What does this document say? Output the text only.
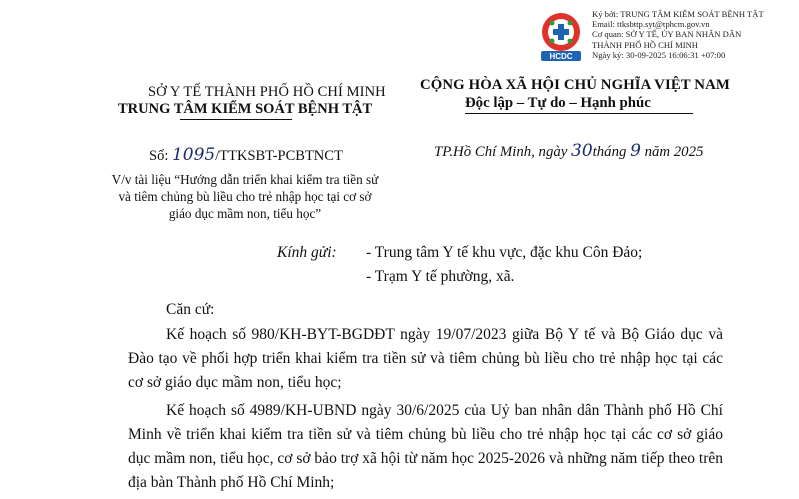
HCDC
Ký bởi: TRUNG TÂM KIỂM SOÁT BỆNH TẬT
Email: ttksbttp.syt@tphcm.gov.vn
Cơ quan: SỞ Y TẾ, ỦY BAN NHÂN DÂN
THÀNH PHỐ HỒ CHÍ MINH
Ngày ký: 30-09-2025 16:06:31 +07:00
SỞ Y TẾ THÀNH PHỐ HỒ CHÍ MINH
TRUNG TÂM KIỂM SOÁT BỆNH TẬT
CỘNG HÒA XÃ HỘI CHỦ NGHĨA VIỆT NAM
Độc lập – Tự do – Hạnh phúc
Số: 1095/TTKSBT-PCBTNCT	TP.Hồ Chí Minh, ngày 30tháng 9 năm 2025
V/v tài liệu “Hướng dẫn triển khai kiểm tra tiền sử và tiêm chủng bù liều cho trẻ nhập học tại cơ sở giáo dục mầm non, tiểu học”
Kính gửi: - Trung tâm Y tế khu vực, đặc khu Côn Đảo;
- Trạm Y tế phường, xã.
Căn cứ:
Kế hoạch số 980/KH-BYT-BGDĐT ngày 19/07/2023 giữa Bộ Y tế và Bộ Giáo dục và Đào tạo về phối hợp triển khai kiểm tra tiền sử và tiêm chủng bù liều cho trẻ nhập học tại các cơ sở giáo dục mầm non, tiểu học;
Kế hoạch số 4989/KH-UBND ngày 30/6/2025 của Uỷ ban nhân dân Thành phố Hồ Chí Minh về triển khai kiểm tra tiền sử và tiêm chủng bù liều cho trẻ nhập học tại các cơ sở giáo dục mầm non, tiểu học, cơ sở bảo trợ xã hội từ năm học 2025-2026 và những năm tiếp theo trên địa bàn Thành phố Hồ Chí Minh;
